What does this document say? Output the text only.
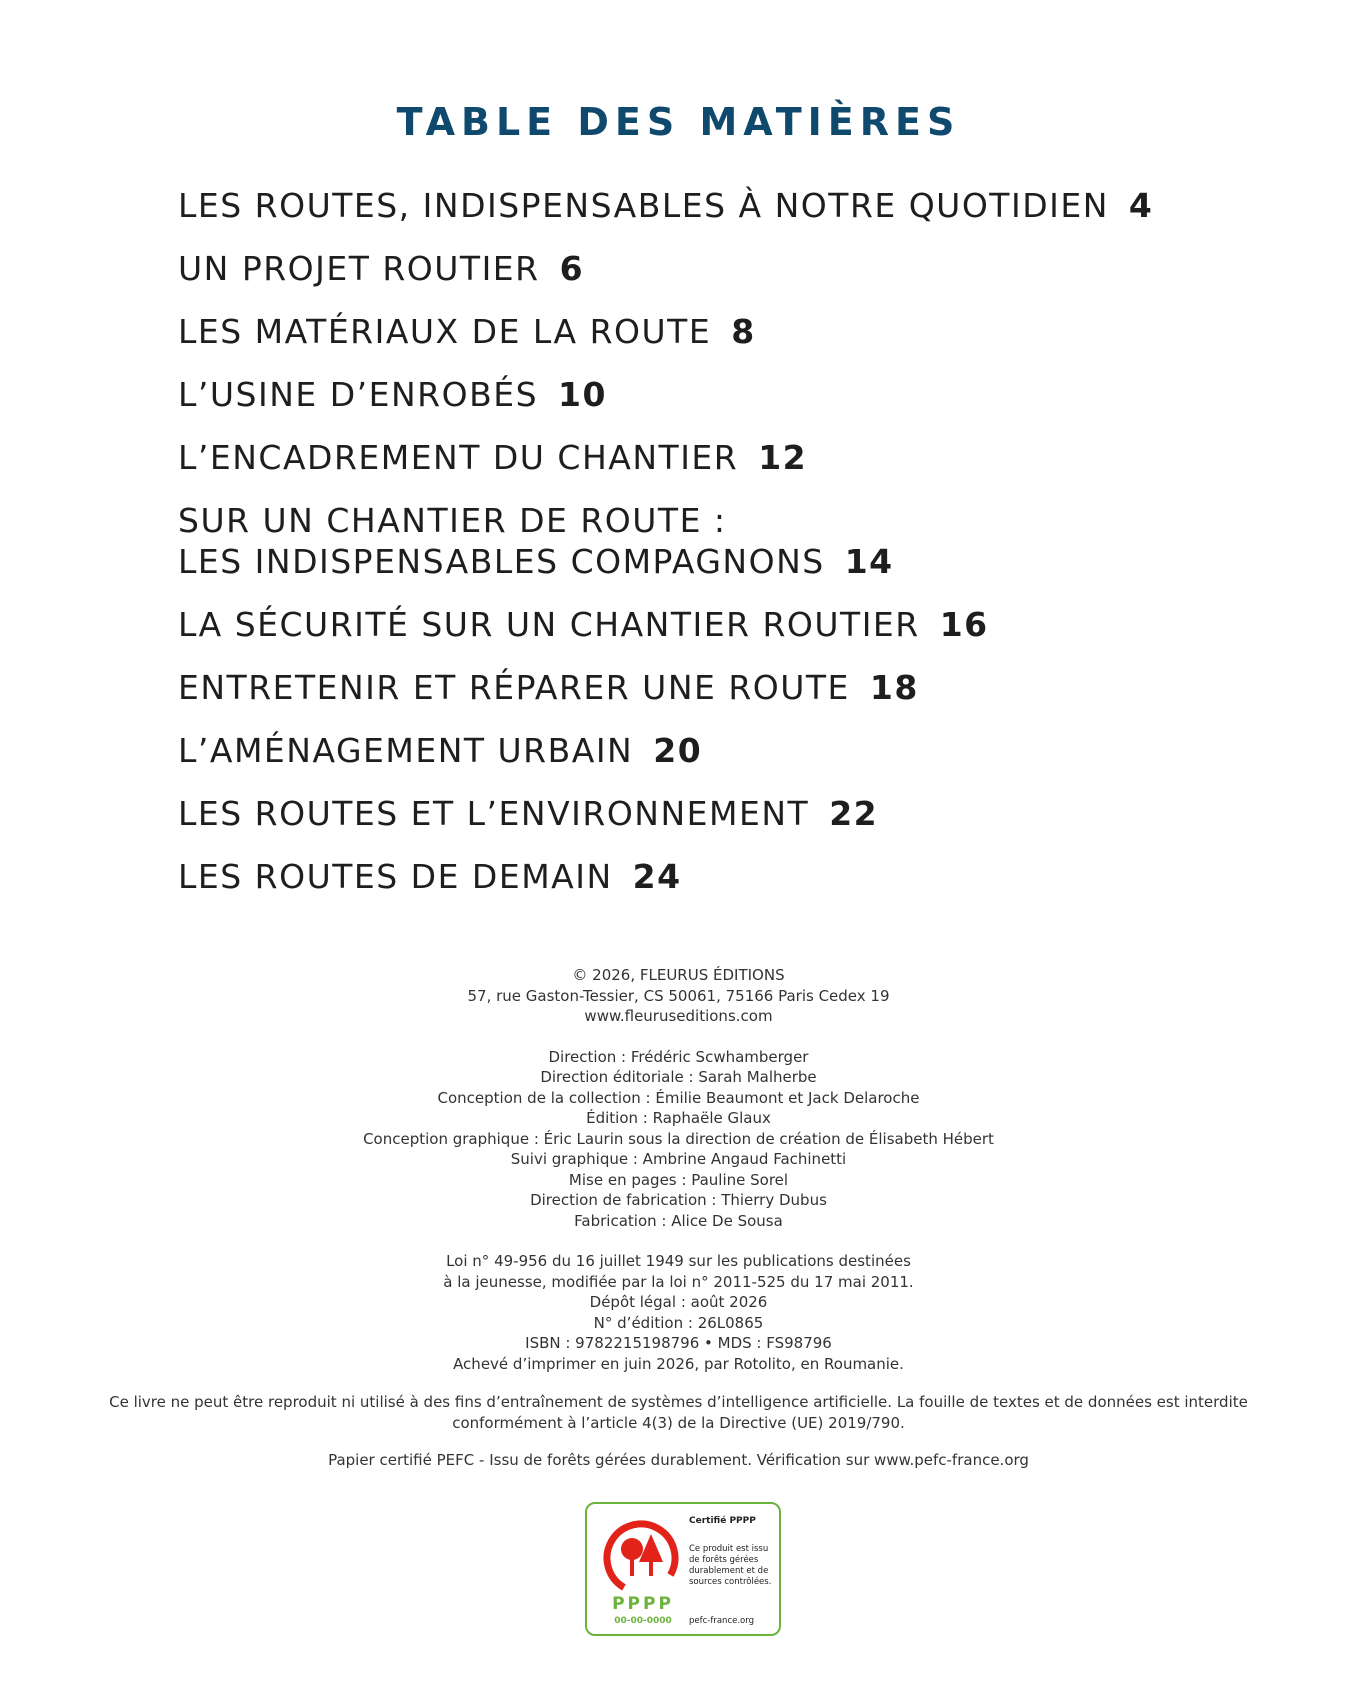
TABLE DES MATIÈRES
LES ROUTES, INDISPENSABLES À NOTRE QUOTIDIEN 4
UN PROJET ROUTIER 6
LES MATÉRIAUX DE LA ROUTE 8
L’USINE D’ENROBÉS 10
L’ENCADREMENT DU CHANTIER 12
SUR UN CHANTIER DE ROUTE :
LES INDISPENSABLES COMPAGNONS 14
LA SÉCURITÉ SUR UN CHANTIER ROUTIER 16
ENTRETENIR ET RÉPARER UNE ROUTE 18
L’AMÉNAGEMENT URBAIN 20
LES ROUTES ET L’ENVIRONNEMENT 22
LES ROUTES DE DEMAIN 24
© 2026, FLEURUS ÉDITIONS
57, rue Gaston-Tessier, CS 50061, 75166 Paris Cedex 19
www.fleuruseditions.com
Direction : Frédéric Scwhamberger
Direction éditoriale : Sarah Malherbe
Conception de la collection : Émilie Beaumont et Jack Delaroche
Édition : Raphaële Glaux
Conception graphique : Éric Laurin sous la direction de création de Élisabeth Hébert
Suivi graphique : Ambrine Angaud Fachinetti
Mise en pages : Pauline Sorel
Direction de fabrication : Thierry Dubus
Fabrication : Alice De Sousa
Loi n° 49-956 du 16 juillet 1949 sur les publications destinées
à la jeunesse, modifiée par la loi n° 2011-525 du 17 mai 2011.
Dépôt légal : août 2026
N° d’édition : 26L0865
ISBN : 9782215198796 • MDS : FS98796
Achevé d’imprimer en juin 2026, par Rotolito, en Roumanie.
Ce livre ne peut être reproduit ni utilisé à des fins d’entraînement de systèmes d’intelligence artificielle. La fouille de textes et de données est interdite
conformément à l’article 4(3) de la Directive (UE) 2019/790.
Papier certifié PEFC - Issu de forêts gérées durablement. Vérification sur www.pefc-france.org
PPPP
00-00-0000
Certifié PPPP
Ce produit est issu
de forêts gérées
durablement et de
sources contrôlées.
pefc-france.org
